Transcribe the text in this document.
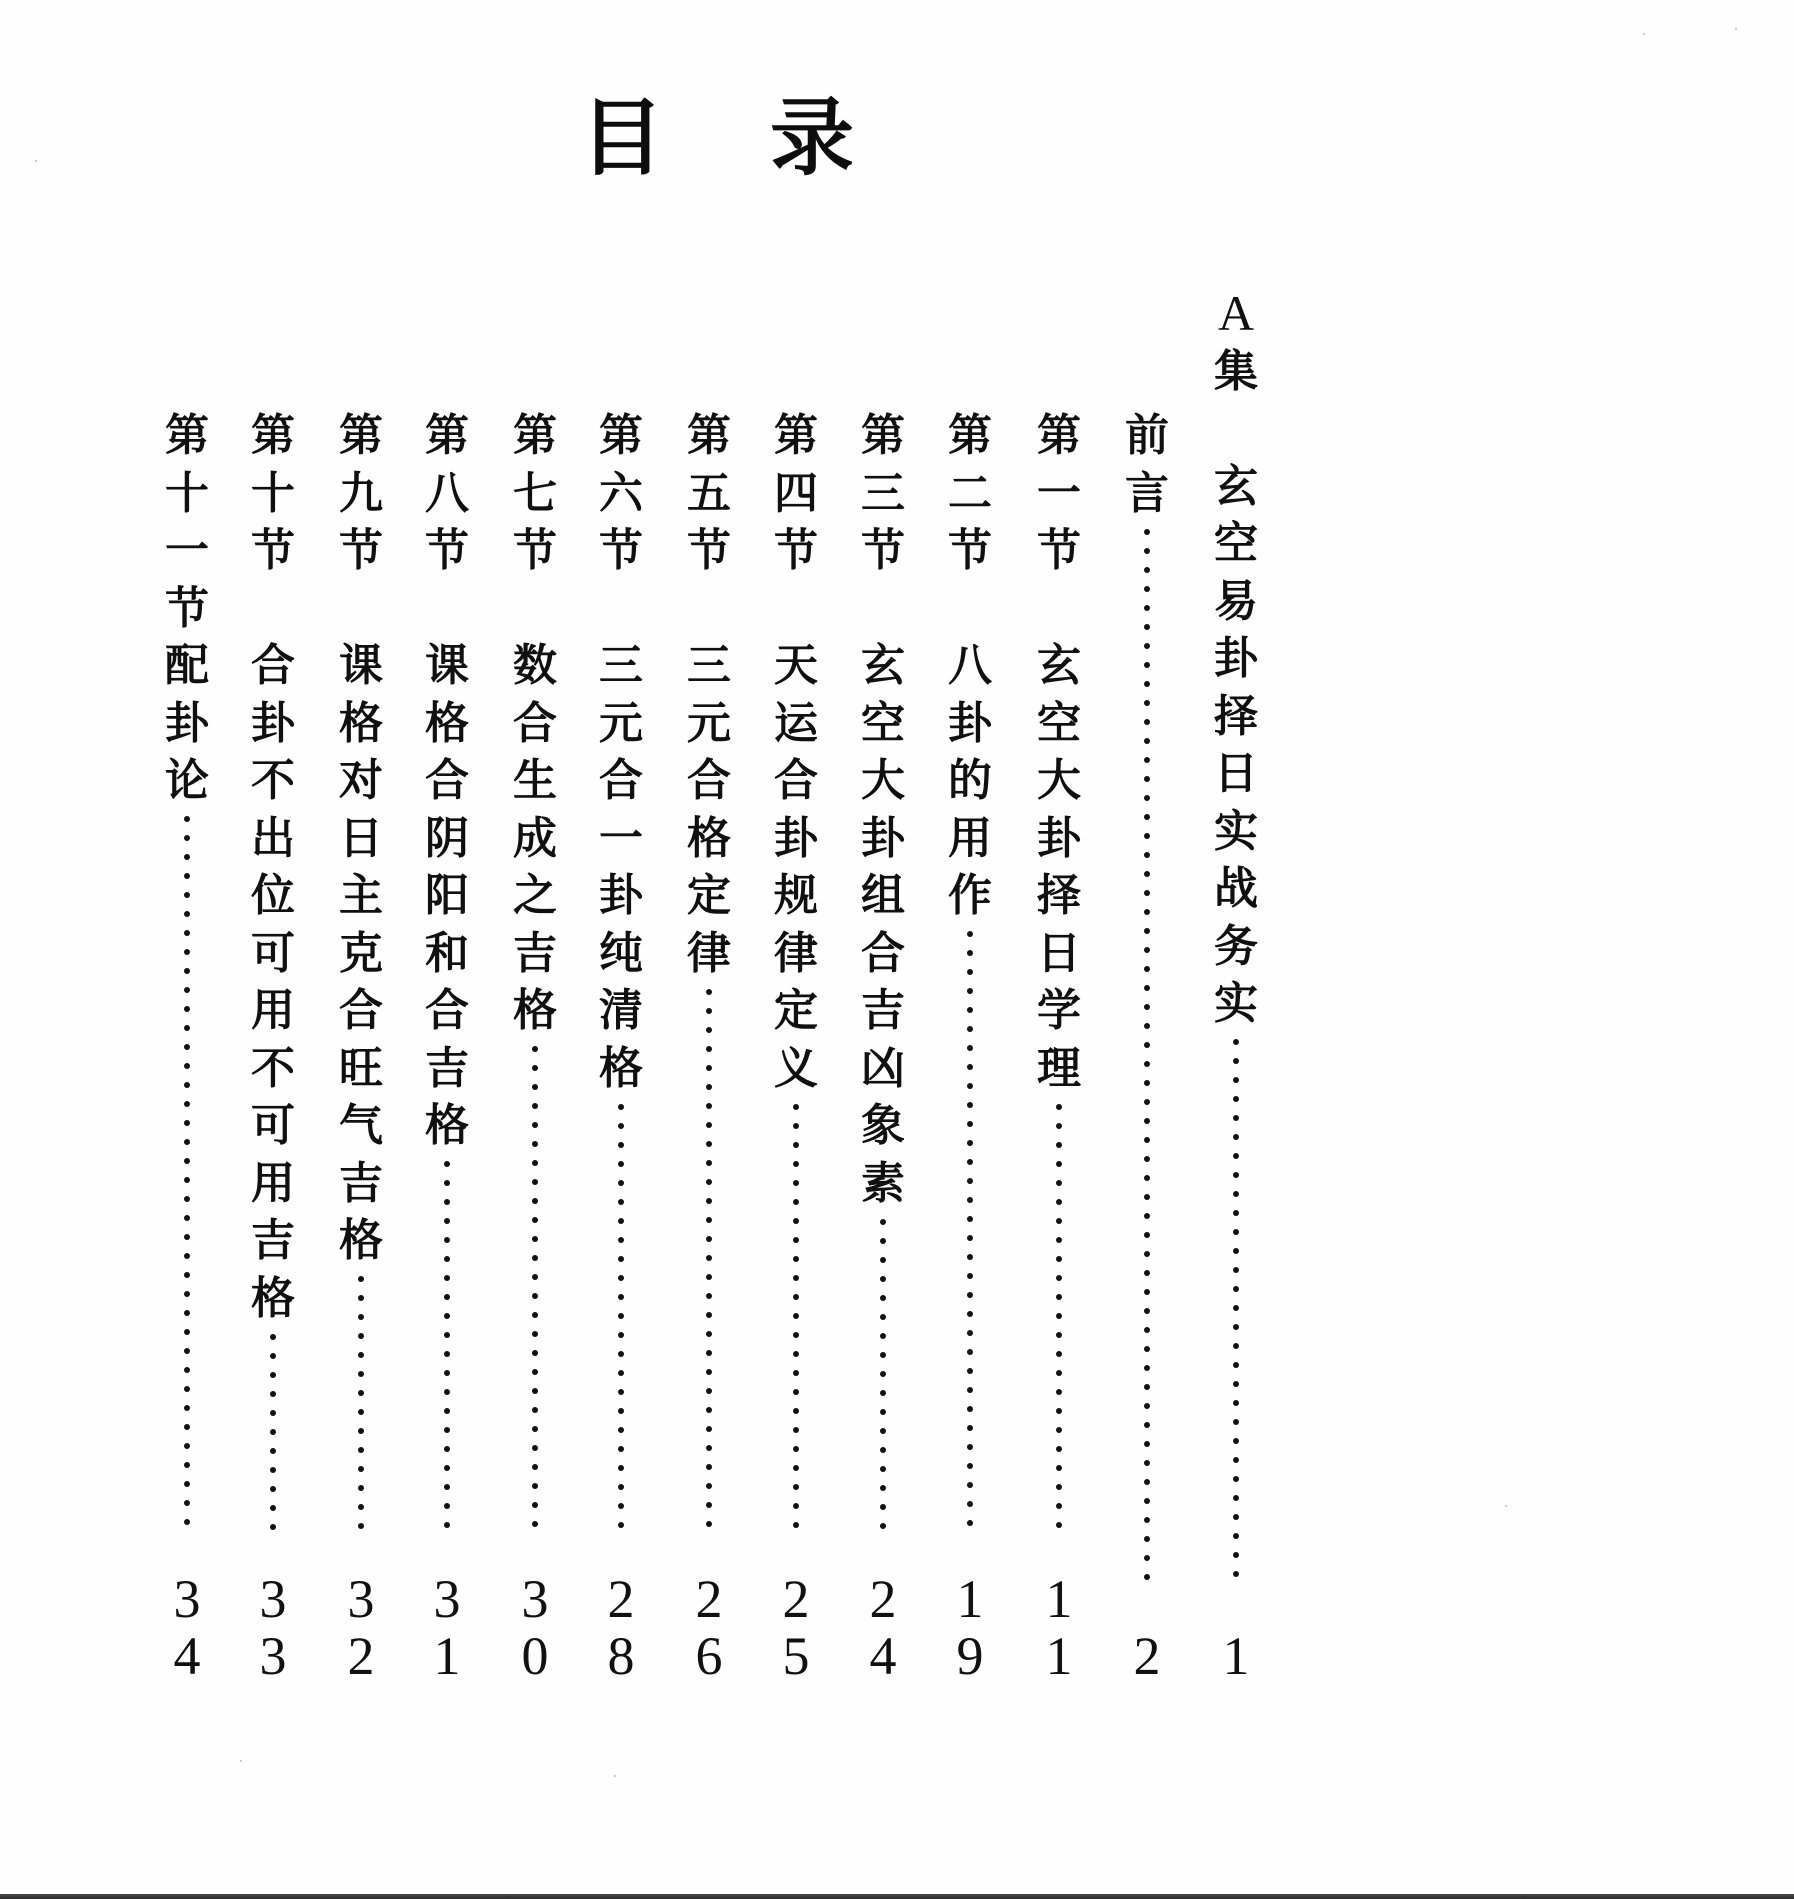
目 录
A
集

玄
空
易
卦
择
日
实
战
务
实
1
前
言
2
第
一
节

玄
空
大
卦
择
日
学
理
1
1
第
二
节

八
卦
的
用
作
1
9
第
三
节

玄
空
大
卦
组
合
吉
凶
象
素
2
4
第
四
节

天
运
合
卦
规
律
定
义
2
5
第
五
节

三
元
合
格
定
律
2
6
第
六
节

三
元
合
一
卦
纯
清
格
2
8
第
七
节

数
合
生
成
之
吉
格
3
0
第
八
节

课
格
合
阴
阳
和
合
吉
格
3
1
第
九
节

课
格
对
日
主
克
合
旺
气
吉
格
3
2
第
十
节

合
卦
不
出
位
可
用
不
可
用
吉
格
3
3
第
十
一
节
配
卦
论
3
4
